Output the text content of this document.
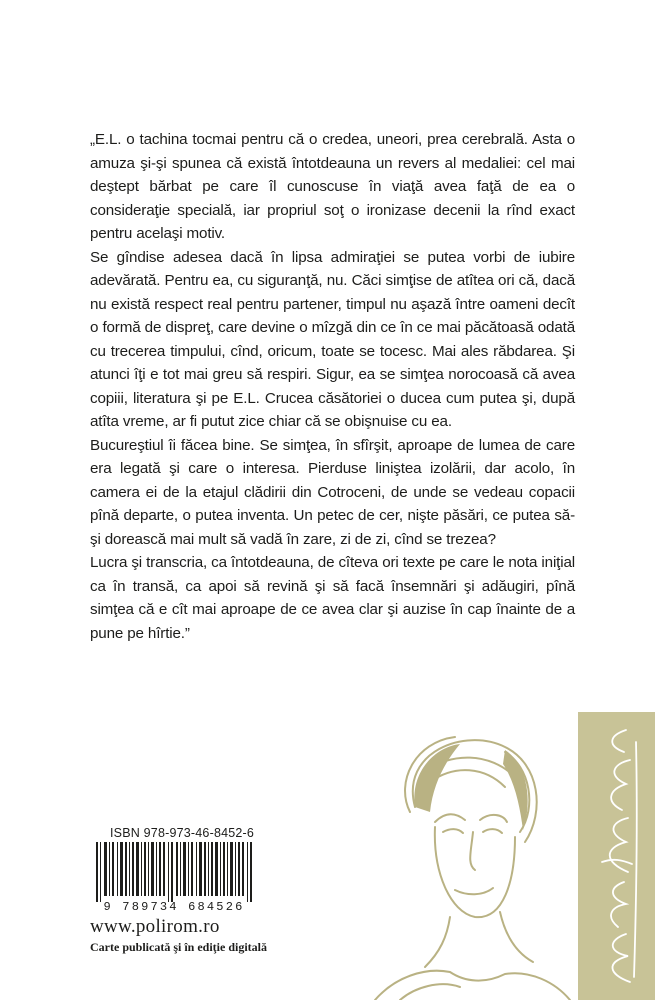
„E.L. o tachina tocmai pentru că o credea, uneori, prea cerebrală. Asta o amuza şi-şi spunea că există întotdeauna un revers al medaliei: cel mai deştept bărbat pe care îl cunoscuse în viaţă avea faţă de ea o consideraţie specială, iar propriul soţ o ironizase decenii la rînd exact pentru acelaşi motiv.

Se gîndise adesea dacă în lipsa admiraţiei se putea vorbi de iubire adevărată. Pentru ea, cu siguranţă, nu. Căci simţise de atîtea ori că, dacă nu există respect real pentru partener, timpul nu aşază între oameni decît o formă de dispreţ, care devine o mîzgă din ce în ce mai păcătoasă odată cu trecerea timpului, cînd, oricum, toate se tocesc. Mai ales răbdarea. Şi atunci îţi e tot mai greu să respiri. Sigur, ea se simţea norocoasă că avea copiii, literatura şi pe E.L. Crucea căsătoriei o ducea cum putea şi, după atîta vreme, ar fi putut zice chiar că se obişnuise cu ea.

Bucureştiul îi făcea bine. Se simţea, în sfîrşit, aproape de lumea de care era legată şi care o interesa. Pierduse liniştea izolării, dar acolo, în camera ei de la etajul clădirii din Cotroceni, de unde se vedeau copacii pînă departe, o putea inventa. Un petec de cer, nişte păsări, ce putea să-şi dorească mai mult să vadă în zare, zi de zi, cînd se trezea?

Lucra şi transcria, ca întotdeauna, de cîteva ori texte pe care le nota iniţial ca în transă, ca apoi să revină şi să facă însemnări şi adăugiri, pînă simţea că e cît mai aproape de ce avea clar şi auzise în cap înainte de a pune pe hîrtie.”

ISBN 978-973-46-8452-6
9 789734 684526
www.polirom.ro
Carte publicată şi în ediţie digitală
